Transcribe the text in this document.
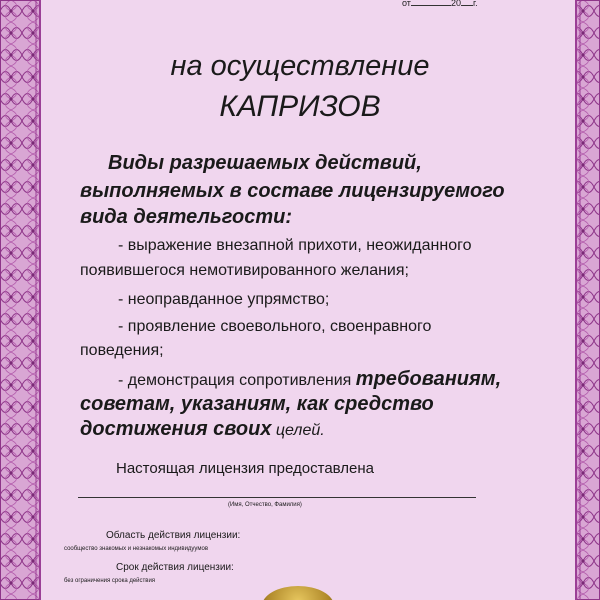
от	20 г.
на осуществление
КАПРИЗОВ
Виды разрешаемых действий,
выполняемых в составе лицензируемого
вида деятельгости:
- выражение внезапной прихоти, неожиданного
появившегося немотивированного желания;
- неоправданное упрямство;
- проявление своевольного, своенравного
поведения;
- демонстрация сопротивления требованиям,
советам, указаниям, как средство
достижения своих целей.
Настоящая лицензия предоставлена
(Имя, Отчество, Фамилия)
Область действия лицензии:
сообщество знакомых и незнакомых индивидуумов
Срок действия лицензии:
без ограничения срока действия
